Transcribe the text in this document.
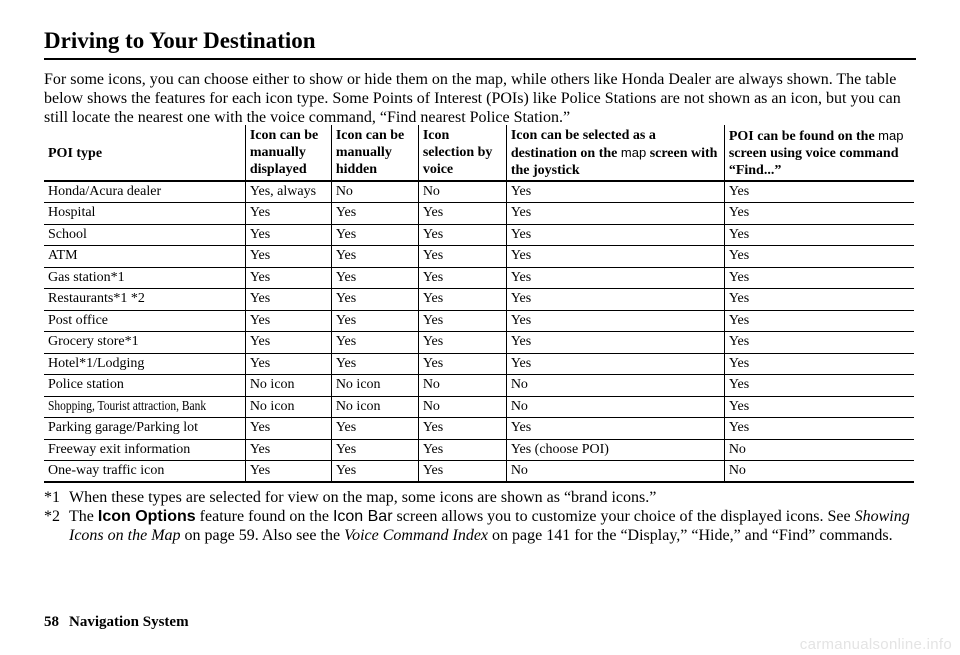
Driving to Your Destination

For some icons, you can choose either to show or hide them on the map, while others like Honda Dealer are always shown. The table below shows the features for each icon type. Some Points of Interest (POIs) like Police Stations are not shown as an icon, but you can still locate the nearest one with the voice command, “Find nearest Police Station.”

POI type	Icon can be manually displayed	Icon can be manually hidden	Icon selection by voice	Icon can be selected as a destination on the map screen with the joystick	POI can be found on the map screen using voice command “Find...”
Honda/Acura dealer	Yes, always	No	No	Yes	Yes
Hospital	Yes	Yes	Yes	Yes	Yes
School	Yes	Yes	Yes	Yes	Yes
ATM	Yes	Yes	Yes	Yes	Yes
Gas station*1	Yes	Yes	Yes	Yes	Yes
Restaurants*1 *2	Yes	Yes	Yes	Yes	Yes
Post office	Yes	Yes	Yes	Yes	Yes
Grocery store*1	Yes	Yes	Yes	Yes	Yes
Hotel*1/Lodging	Yes	Yes	Yes	Yes	Yes
Police station	No icon	No icon	No	No	Yes
Shopping, Tourist attraction, Bank	No icon	No icon	No	No	Yes
Parking garage/Parking lot	Yes	Yes	Yes	Yes	Yes
Freeway exit information	Yes	Yes	Yes	Yes (choose POI)	No
One-way traffic icon	Yes	Yes	Yes	No	No
*1 When these types are selected for view on the map, some icons are shown as “brand icons.”
*2 The Icon Options feature found on the Icon Bar screen allows you to customize your choice of the displayed icons. See Showing Icons on the Map on page 59. Also see the Voice Command Index on page 141 for the “Display,” “Hide,” and “Find” commands.
58 Navigation System
carmanualsonline.info
